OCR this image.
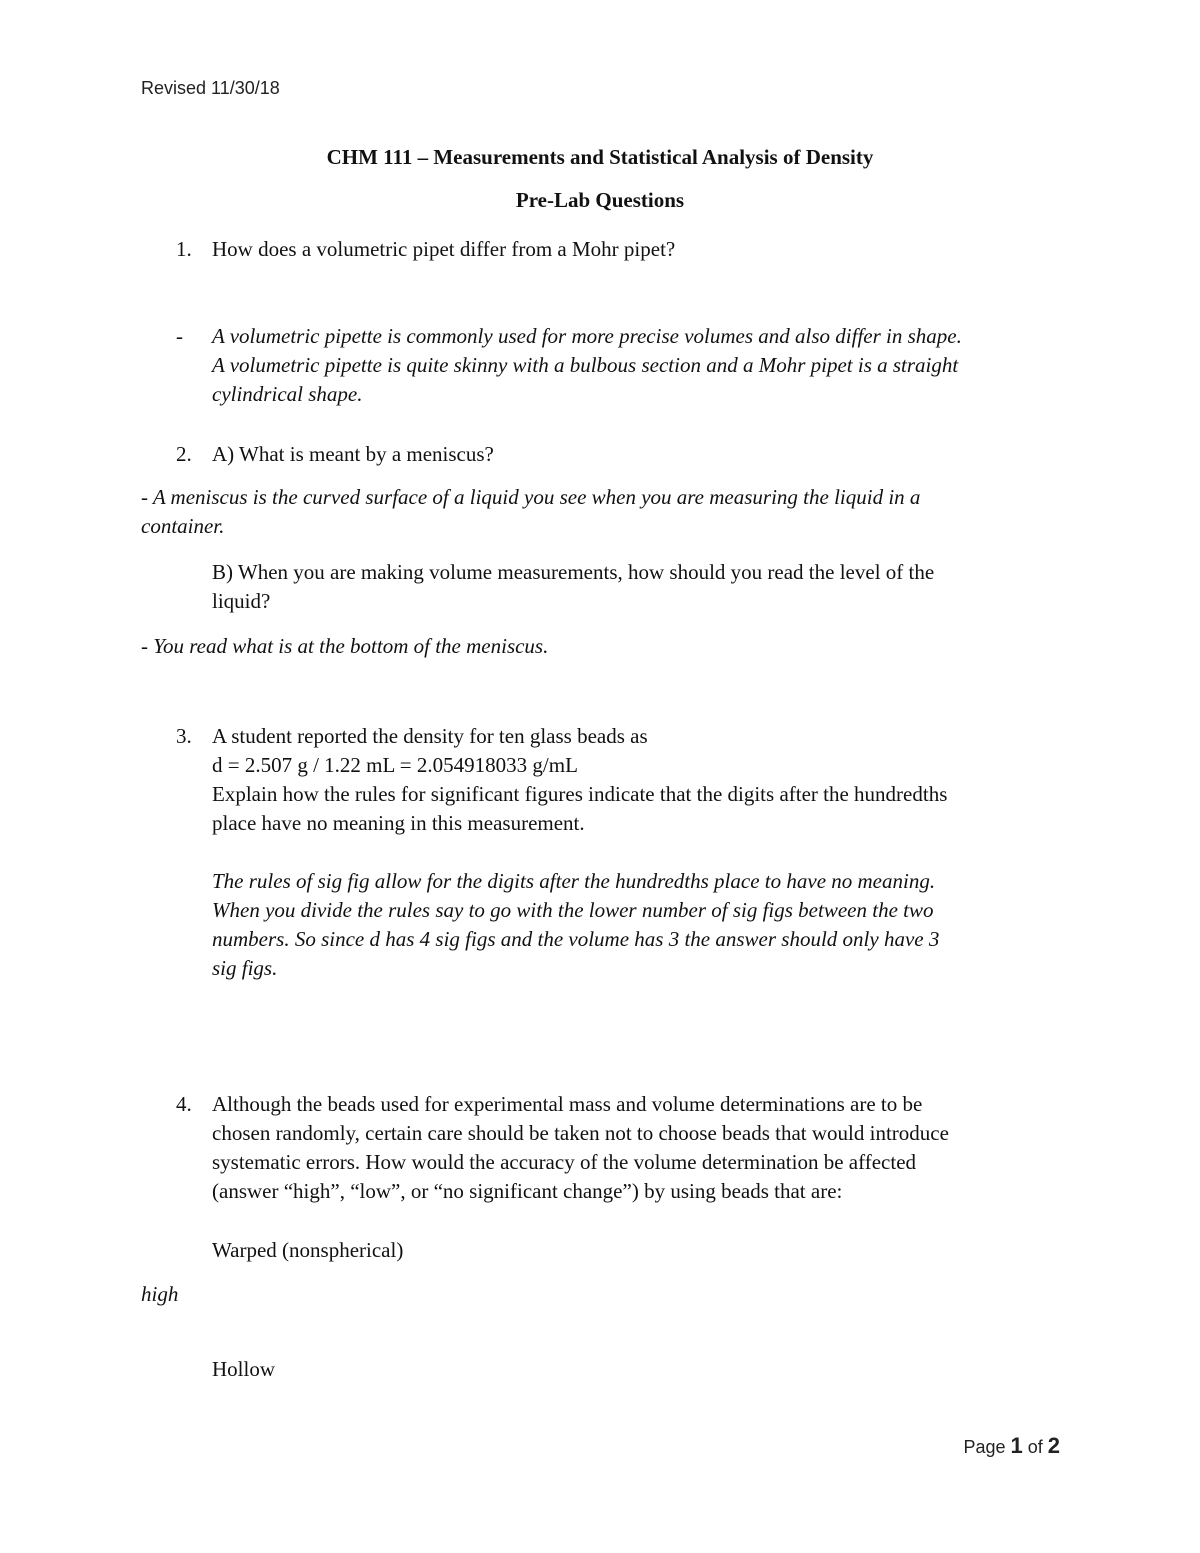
Revised 11/30/18

CHM 111 – Measurements and Statistical Analysis of Density

Pre-Lab Questions

1. How does a volumetric pipet differ from a Mohr pipet?

- A volumetric pipette is commonly used for more precise volumes and also differ in shape.

A volumetric pipette is quite skinny with a bulbous section and a Mohr pipet is a straight

cylindrical shape.

2. A) What is meant by a meniscus?

- A meniscus is the curved surface of a liquid you see when you are measuring the liquid in a

container.

B) When you are making volume measurements, how should you read the level of the

liquid?

- You read what is at the bottom of the meniscus.

3. A student reported the density for ten glass beads as

d = 2.507 g / 1.22 mL = 2.054918033 g/mL

Explain how the rules for significant figures indicate that the digits after the hundredths

place have no meaning in this measurement.

The rules of sig fig allow for the digits after the hundredths place to have no meaning.

When you divide the rules say to go with the lower number of sig figs between the two

numbers. So since d has 4 sig figs and the volume has 3 the answer should only have 3

sig figs.

4. Although the beads used for experimental mass and volume determinations are to be

chosen randomly, certain care should be taken not to choose beads that would introduce

systematic errors. How would the accuracy of the volume determination be affected

(answer “high”, “low”, or “no significant change”) by using beads that are:

Warped (nonspherical)

high

Hollow

Page 1 of 2
